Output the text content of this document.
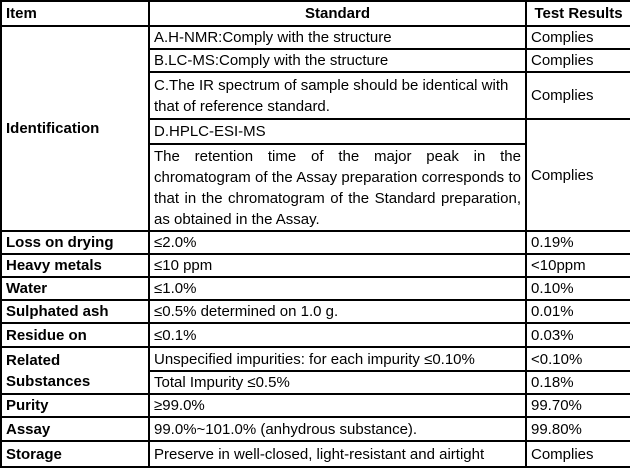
Item	Standard	Test Results
Identification	A.H-NMR:Comply with the structure	Complies
	B.LC-MS:Comply with the structure	Complies
	C.The IR spectrum of sample should be identical with that of reference standard.	Complies
	D.HPLC-ESI-MS	Complies
	The retention time of the major peak in the chromatogram of the Assay preparation corresponds to that in the chromatogram of the Standard preparation, as obtained in the Assay.	
Loss on drying	≤2.0%	0.19%
Heavy metals	≤10 ppm	<10ppm
Water	≤1.0%	0.10%
Sulphated ash	≤0.5% determined on 1.0 g.	0.01%
Residue on	≤0.1%	0.03%

Related Substances	Unspecified impurities: for each impurity ≤0.10%	<0.10%
	Total Impurity ≤0.5%	0.18%
Purity	≥99.0%	99.70%
Assay	99.0%~101.0% (anhydrous substance).	99.80%
Storage	Preserve in well-closed, light-resistant and airtight	Complies
